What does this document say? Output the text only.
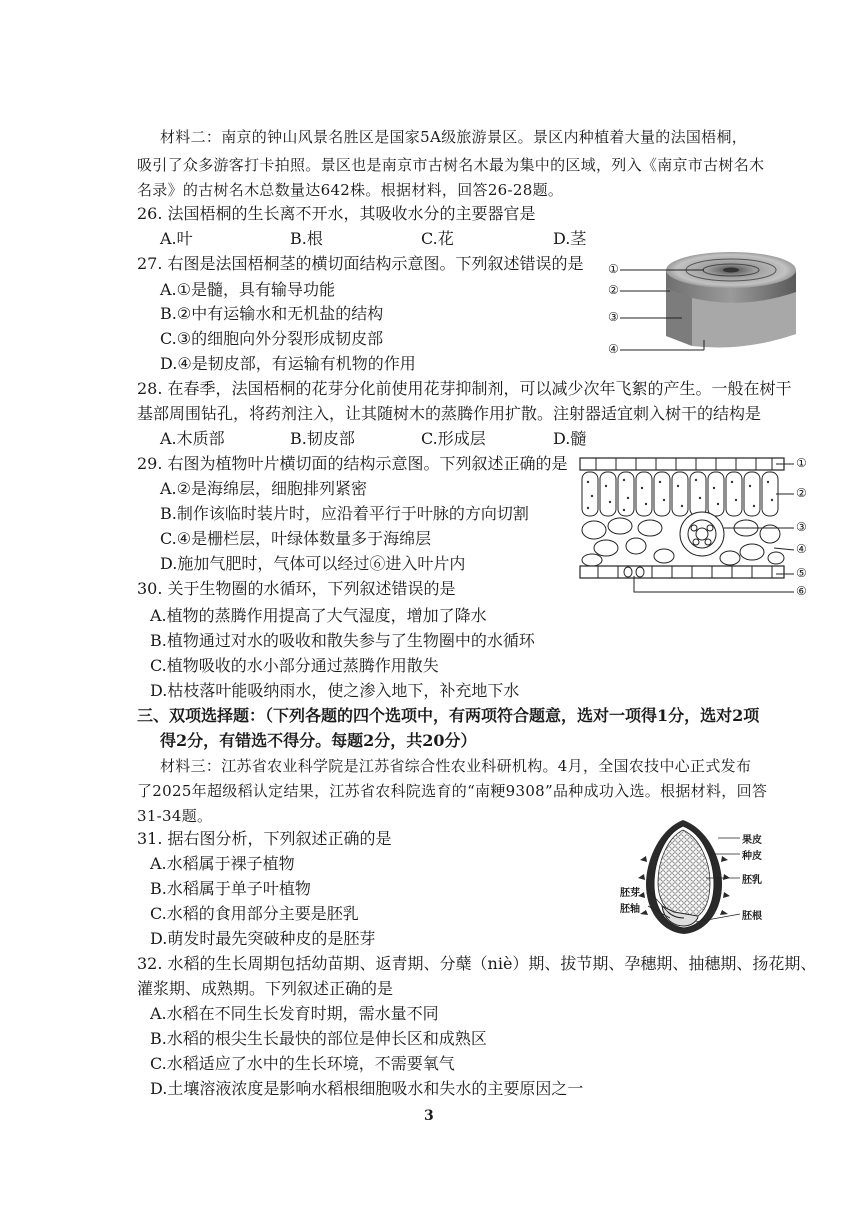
材料二：南京的钟山风景名胜区是国家5A级旅游景区。景区内种植着大量的法国梧桐，
吸引了众多游客打卡拍照。景区也是南京市古树名木最为集中的区域，列入《南京市古树名木
名录》的古树名木总数量达642株。根据材料，回答26-28题。
26. 法国梧桐的生长离不开水，其吸收水分的主要器官是
A.叶	B.根	C.花	D.茎
27. 右图是法国梧桐茎的横切面结构示意图。下列叙述错误的是
A.①是髓，具有输导功能
B.②中有运输水和无机盐的结构
C.③的细胞向外分裂形成韧皮部
D.④是韧皮部，有运输有机物的作用
①
②
③
④
28. 在春季，法国梧桐的花芽分化前使用花芽抑制剂，可以减少次年飞絮的产生。一般在树干
基部周围钻孔，将药剂注入，让其随树木的蒸腾作用扩散。注射器适宜刺入树干的结构是
A.木质部	B.韧皮部	C.形成层	D.髓
29. 右图为植物叶片横切面的结构示意图。下列叙述正确的是
A.②是海绵层，细胞排列紧密
B.制作该临时装片时，应沿着平行于叶脉的方向切割
C.④是栅栏层，叶绿体数量多于海绵层
D.施加气肥时，气体可以经过⑥进入叶片内
①
②
③
④
⑤
⑥
30. 关于生物圈的水循环，下列叙述错误的是
A.植物的蒸腾作用提高了大气湿度，增加了降水
B.植物通过对水的吸收和散失参与了生物圈中的水循环
C.植物吸收的水小部分通过蒸腾作用散失
D.枯枝落叶能吸纳雨水，使之渗入地下，补充地下水
三、双项选择题：（下列各题的四个选项中，有两项符合题意，选对一项得1分，选对2项
得2分，有错选不得分。每题2分，共20分）
材料三：江苏省农业科学院是江苏省综合性农业科研机构。4月，全国农技中心正式发布
了2025年超级稻认定结果，江苏省农科院选育的“南粳9308”品种成功入选。根据材料，回答
31-34题。
31. 据右图分析，下列叙述正确的是
A.水稻属于裸子植物
B.水稻属于单子叶植物
C.水稻的食用部分主要是胚乳
D.萌发时最先突破种皮的是胚芽
果皮
种皮
胚乳
胚芽
胚轴
胚根
32. 水稻的生长周期包括幼苗期、返青期、分蘖（niè）期、拔节期、孕穗期、抽穗期、扬花期、
灌浆期、成熟期。下列叙述正确的是
A.水稻在不同生长发育时期，需水量不同
B.水稻的根尖生长最快的部位是伸长区和成熟区
C.水稻适应了水中的生长环境，不需要氧气
D.土壤溶液浓度是影响水稻根细胞吸水和失水的主要原因之一
3
